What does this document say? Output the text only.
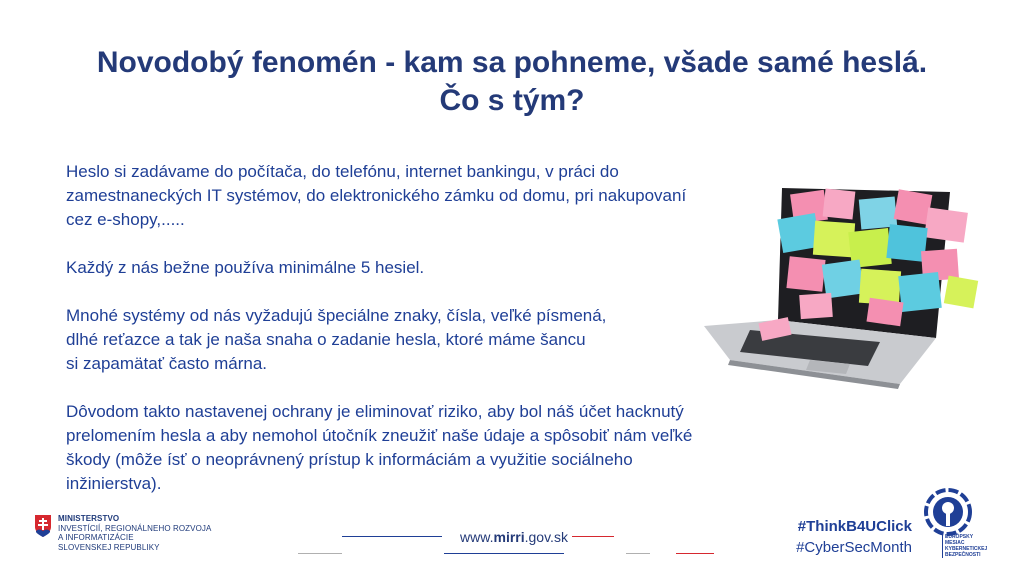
Novodobý fenomén - kam sa pohneme, všade samé heslá.
Čo s tým?

Heslo si zadávame do počítača, do telefónu, internet bankingu, v práci do
zamestnaneckých IT systémov, do elektronického zámku od domu, pri nakupovaní
cez e-shopy,.....

Každý z nás bežne používa minimálne 5 hesiel.

Mnohé systémy od nás vyžadujú špeciálne znaky, čísla, veľké písmená,
dlhé reťazce a tak je naša snaha o zadanie hesla, ktoré máme šancu
si zapamätať často márna.

Dôvodom takto nastavenej ochrany je eliminovať riziko, aby bol náš účet hacknutý
prelomením hesla a aby nemohol útočník zneužiť naše údaje a spôsobiť nám veľké
škody (môže ísť o neoprávnený prístup k informáciám a využitie sociálneho
inžinierstva).

MINISTERSTVO
INVESTÍCIÍ, REGIONÁLNEHO ROZVOJA
A INFORMATIZÁCIE
SLOVENSKEJ REPUBLIKY
www.mirri.gov.sk
#ThinkB4UClick
#CyberSecMonth
EURÓPSKY
MESIAC
KYBERNETICKEJ
BEZPEČNOSTI
